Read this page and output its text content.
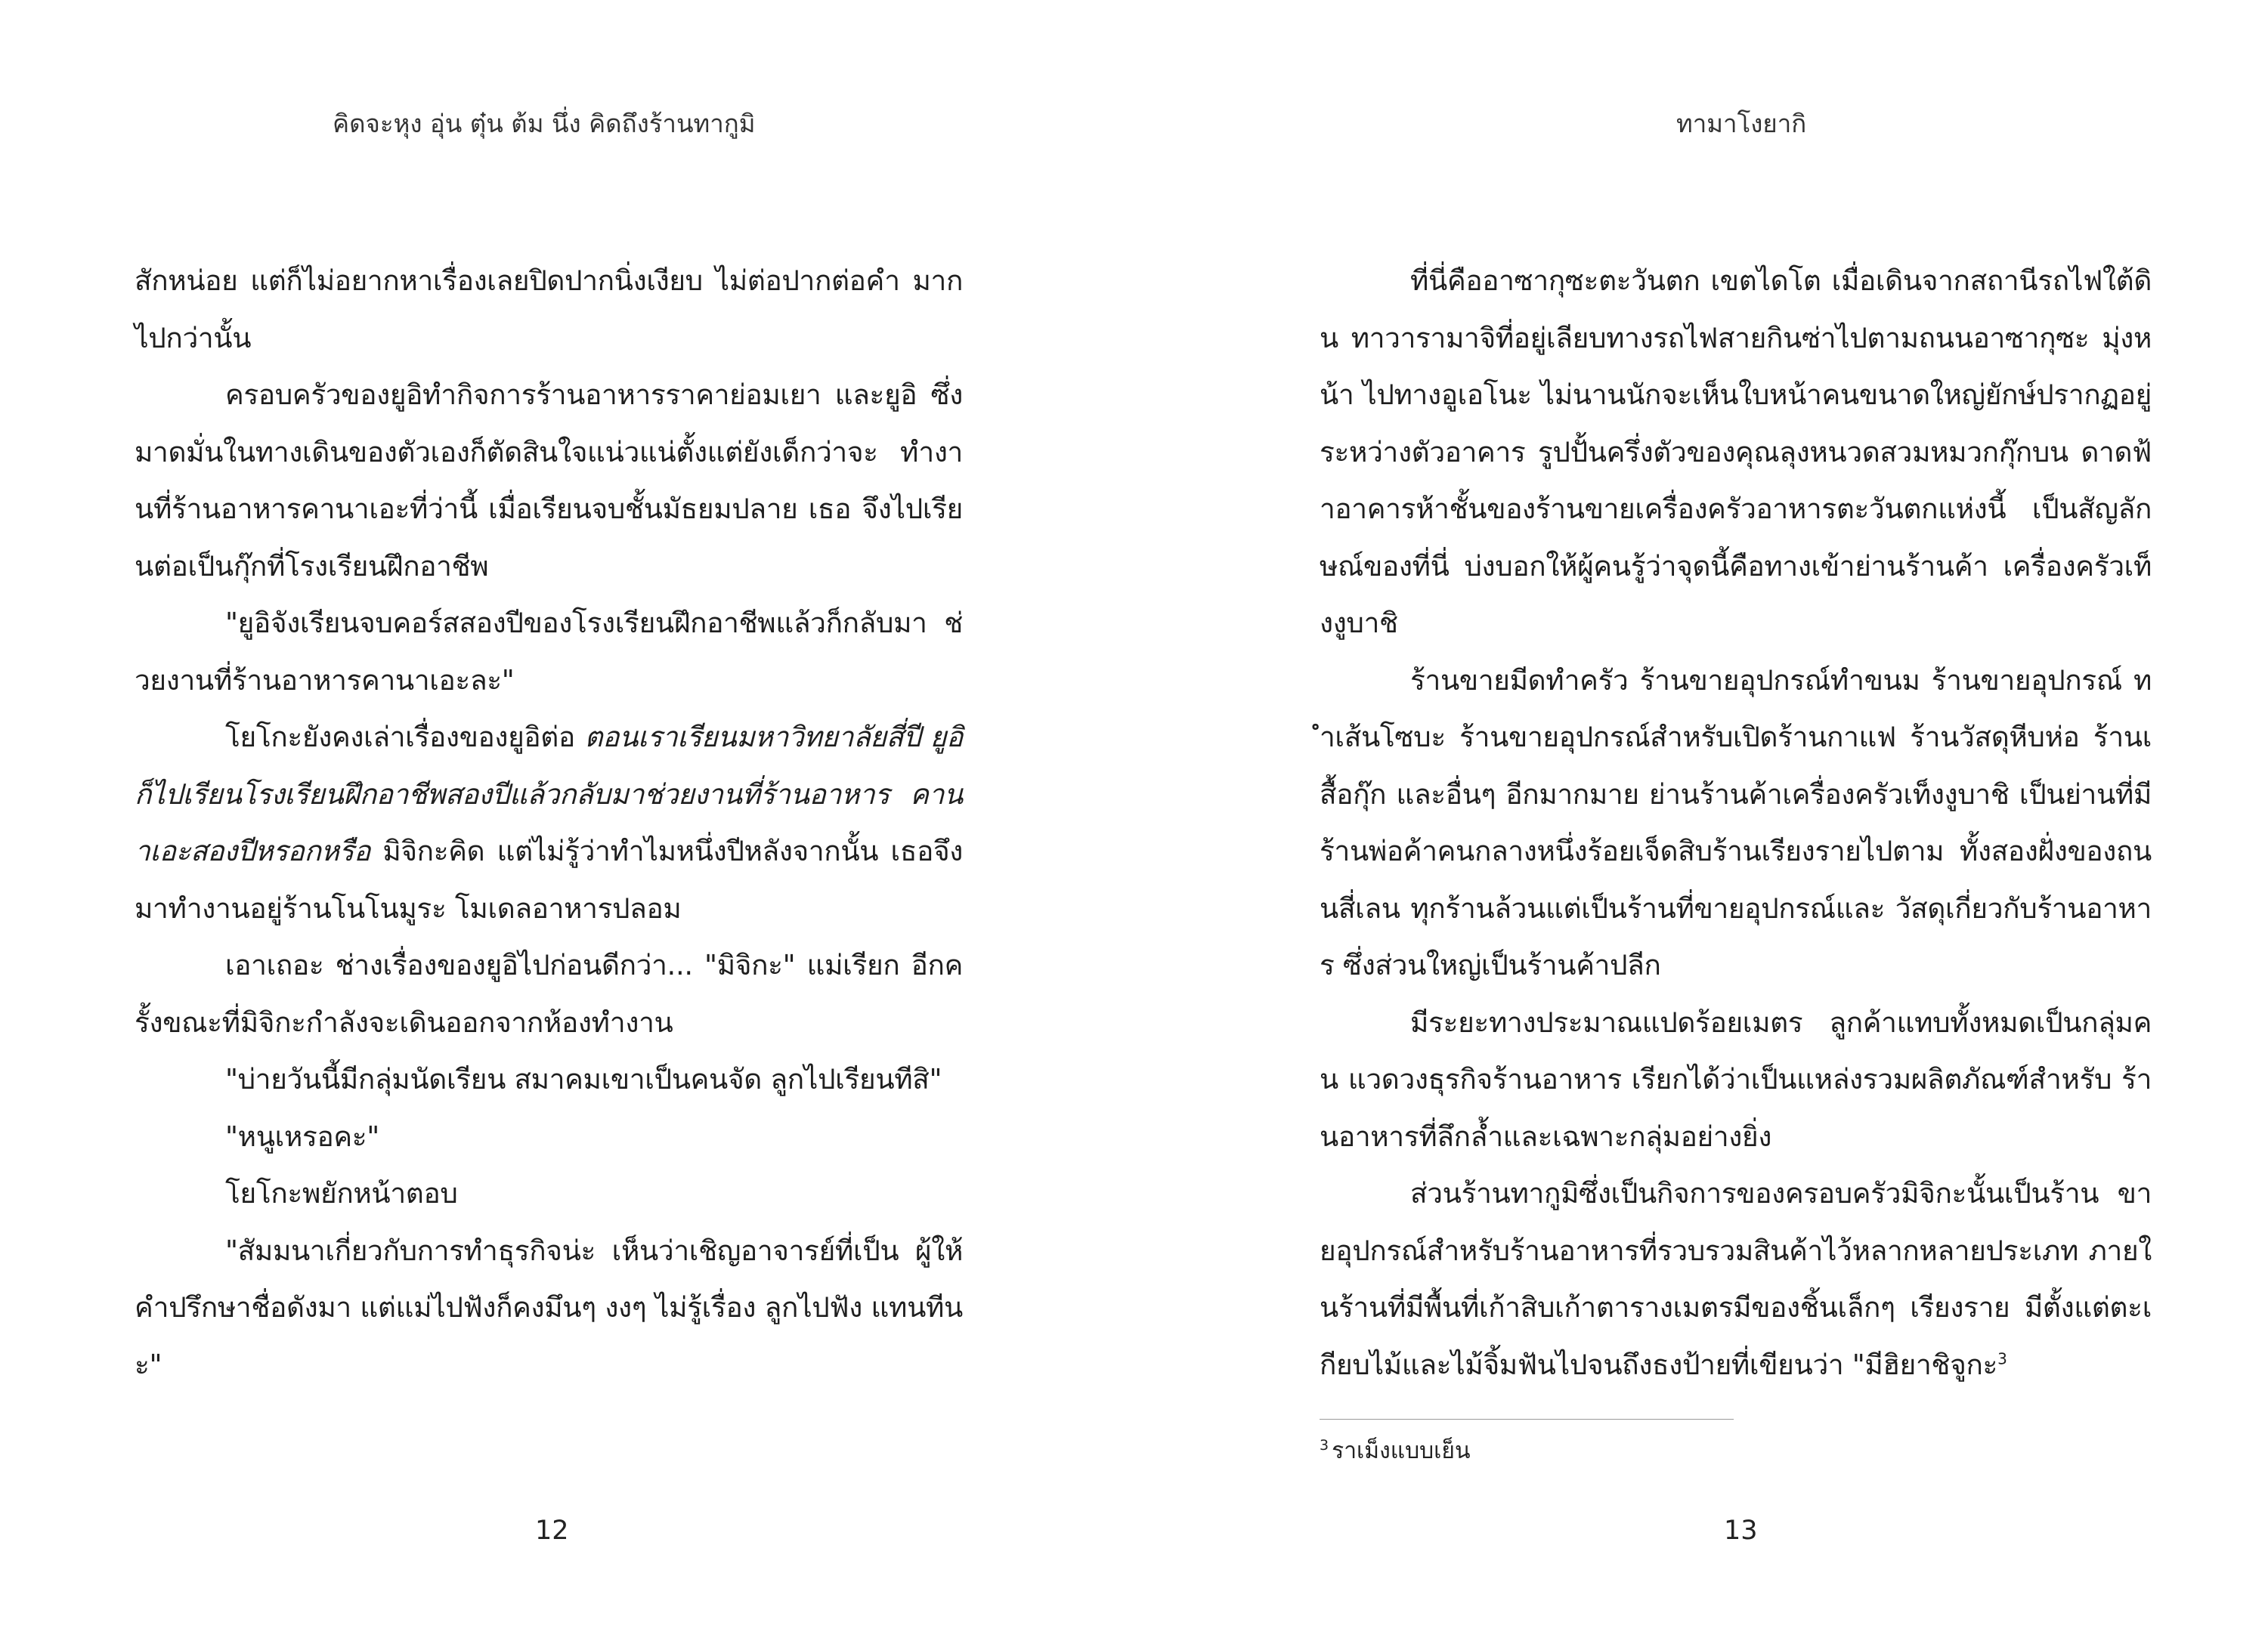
คิดจะหุง อุ่น ตุ๋น ต้ม นึ่ง คิดถึงร้านทากูมิ

สักหน่อย แต่ก็ไม่อยากหาเรื่องเลยปิดปากนิ่งเงียบ ไม่ต่อปากต่อคำ มากไปกว่านั้น

ครอบครัวของยูอิทำกิจการร้านอาหารราคาย่อมเยา และยูอิ ซึ่งมาดมั่นในทางเดินของตัวเองก็ตัดสินใจแน่วแน่ตั้งแต่ยังเด็กว่าจะ ทำงานที่ร้านอาหารคานาเอะที่ว่านี้ เมื่อเรียนจบชั้นมัธยมปลาย เธอ จึงไปเรียนต่อเป็นกุ๊กที่โรงเรียนฝึกอาชีพ

"ยูอิจังเรียนจบคอร์สสองปีของโรงเรียนฝึกอาชีพแล้วก็กลับมา ช่วยงานที่ร้านอาหารคานาเอะละ"

โยโกะยังคงเล่าเรื่องของยูอิต่อ ตอนเราเรียนมหาวิทยาลัยสี่ปี ยูอิก็ไปเรียนโรงเรียนฝึกอาชีพสองปีแล้วกลับมาช่วยงานที่ร้านอาหาร คานาเอะสองปีหรอกหรือ มิจิกะคิด แต่ไม่รู้ว่าทำไมหนึ่งปีหลังจากนั้น เธอจึงมาทำงานอยู่ร้านโนโนมูระ โมเดลอาหารปลอม

เอาเถอะ ช่างเรื่องของยูอิไปก่อนดีกว่า... "มิจิกะ" แม่เรียก อีกครั้งขณะที่มิจิกะกำลังจะเดินออกจากห้องทำงาน

"บ่ายวันนี้มีกลุ่มนัดเรียน สมาคมเขาเป็นคนจัด ลูกไปเรียนทีสิ"

"หนูเหรอคะ"

โยโกะพยักหน้าตอบ

"สัมมนาเกี่ยวกับการทำธุรกิจน่ะ เห็นว่าเชิญอาจารย์ที่เป็น ผู้ให้คำปรึกษาชื่อดังมา แต่แม่ไปฟังก็คงมึนๆ งงๆ ไม่รู้เรื่อง ลูกไปฟัง แทนทีนะ"

12
ทามาโงยากิ

ที่นี่คืออาซากุซะตะวันตก เขตไดโต เมื่อเดินจากสถานีรถไฟใต้ดิน ทาวารามาจิที่อยู่เลียบทางรถไฟสายกินซ่าไปตามถนนอาซากุซะ มุ่งหน้า ไปทางอูเอโนะ ไม่นานนักจะเห็นใบหน้าคนขนาดใหญ่ยักษ์ปรากฏอยู่ ระหว่างตัวอาคาร รูปปั้นครึ่งตัวของคุณลุงหนวดสวมหมวกกุ๊กบน ดาดฟ้าอาคารห้าชั้นของร้านขายเครื่องครัวอาหารตะวันตกแห่งนี้ เป็นสัญลักษณ์ของที่นี่ บ่งบอกให้ผู้คนรู้ว่าจุดนี้คือทางเข้าย่านร้านค้า เครื่องครัวเท็งงูบาชิ

ร้านขายมีดทำครัว ร้านขายอุปกรณ์ทำขนม ร้านขายอุปกรณ์ ทำเส้นโซบะ ร้านขายอุปกรณ์สำหรับเปิดร้านกาแฟ ร้านวัสดุหีบห่อ ร้านเสื้อกุ๊ก และอื่นๆ อีกมากมาย ย่านร้านค้าเครื่องครัวเท็งงูบาชิ เป็นย่านที่มีร้านพ่อค้าคนกลางหนึ่งร้อยเจ็ดสิบร้านเรียงรายไปตาม ทั้งสองฝั่งของถนนสี่เลน ทุกร้านล้วนแต่เป็นร้านที่ขายอุปกรณ์และ วัสดุเกี่ยวกับร้านอาหาร ซึ่งส่วนใหญ่เป็นร้านค้าปลีก

มีระยะทางประมาณแปดร้อยเมตร ลูกค้าแทบทั้งหมดเป็นกลุ่มคน แวดวงธุรกิจร้านอาหาร เรียกได้ว่าเป็นแหล่งรวมผลิตภัณฑ์สำหรับ ร้านอาหารที่ลึกล้ำและเฉพาะกลุ่มอย่างยิ่ง

ส่วนร้านทากูมิซึ่งเป็นกิจการของครอบครัวมิจิกะนั้นเป็นร้าน ขายอุปกรณ์สำหรับร้านอาหารที่รวบรวมสินค้าไว้หลากหลายประเภท ภายในร้านที่มีพื้นที่เก้าสิบเก้าตารางเมตรมีของชิ้นเล็กๆ เรียงราย มีตั้งแต่ตะเกียบไม้และไม้จิ้มฟันไปจนถึงธงป้ายที่เขียนว่า "มีฮิยาชิจูกะ$^3$

$^3$ ราเม็งแบบเย็น
13
